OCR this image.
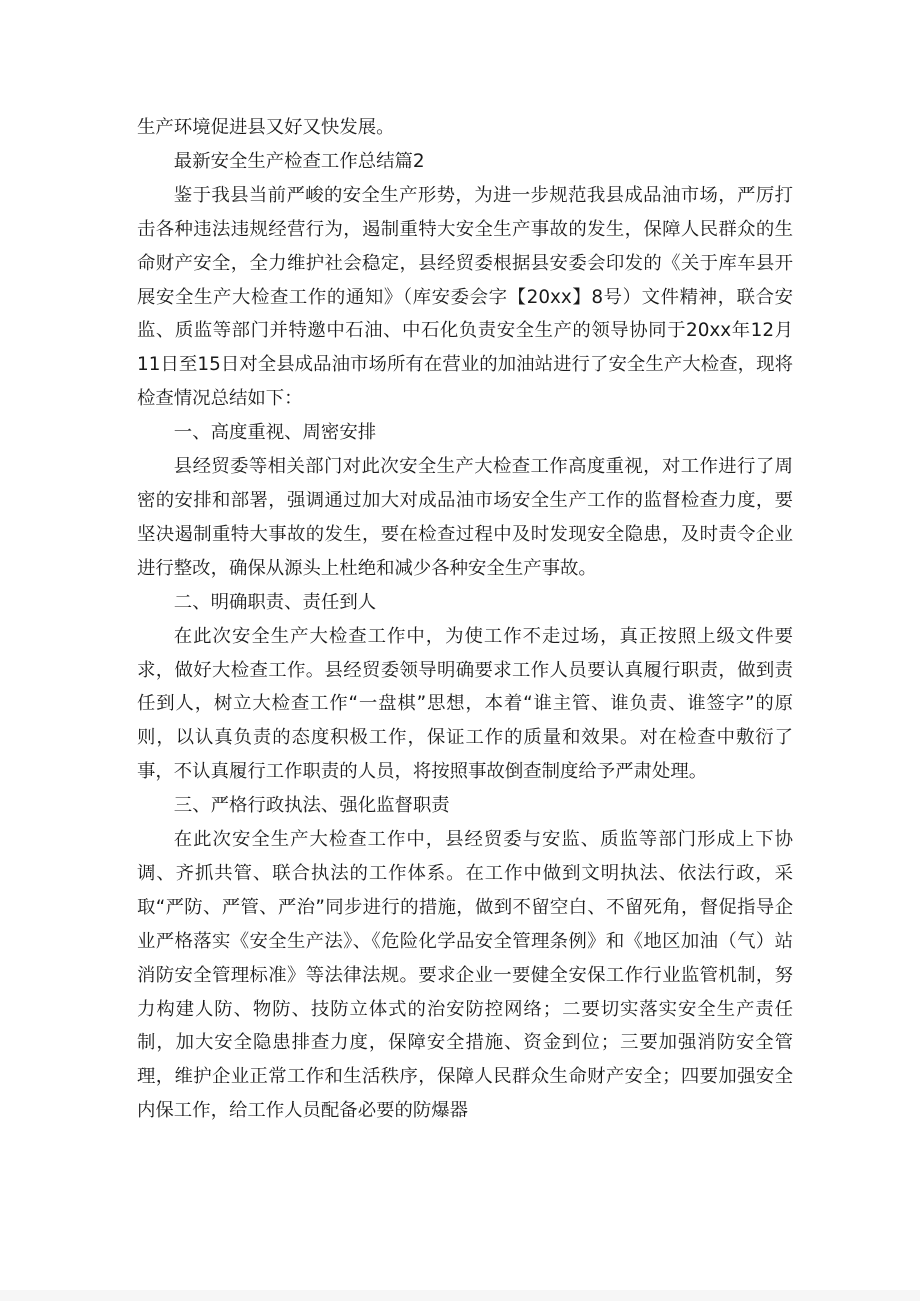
生产环境促进县又好又快发展。

最新安全生产检查工作总结篇2

鉴于我县当前严峻的安全生产形势，为进一步规范我县成品油市场，严厉打击各种违法违规经营行为，遏制重特大安全生产事故的发生，保障人民群众的生命财产安全，全力维护社会稳定，县经贸委根据县安委会印发的《关于库车县开展安全生产大检查工作的通知》（库安委会字【20xx】8号）文件精神，联合安监、质监等部门并特邀中石油、中石化负责安全生产的领导协同于20xx年12月11日至15日对全县成品油市场所有在营业的加油站进行了安全生产大检查，现将检查情况总结如下：

一、高度重视、周密安排

县经贸委等相关部门对此次安全生产大检查工作高度重视，对工作进行了周密的安排和部署，强调通过加大对成品油市场安全生产工作的监督检查力度，要坚决遏制重特大事故的发生，要在检查过程中及时发现安全隐患，及时责令企业进行整改，确保从源头上杜绝和减少各种安全生产事故。

二、明确职责、责任到人

在此次安全生产大检查工作中，为使工作不走过场，真正按照上级文件要求，做好大检查工作。县经贸委领导明确要求工作人员要认真履行职责，做到责任到人，树立大检查工作“一盘棋”思想，本着“谁主管、谁负责、谁签字”的原则，以认真负责的态度积极工作，保证工作的质量和效果。对在检查中敷衍了事，不认真履行工作职责的人员，将按照事故倒查制度给予严肃处理。

三、严格行政执法、强化监督职责

在此次安全生产大检查工作中，县经贸委与安监、质监等部门形成上下协调、齐抓共管、联合执法的工作体系。在工作中做到文明执法、依法行政，采取“严防、严管、严治”同步进行的措施，做到不留空白、不留死角，督促指导企业严格落实《安全生产法》、《危险化学品安全管理条例》和《地区加油（气）站消防安全管理标准》等法律法规。要求企业一要健全安保工作行业监管机制，努力构建人防、物防、技防立体式的治安防控网络；二要切实落实安全生产责任制，加大安全隐患排查力度，保障安全措施、资金到位；三要加强消防安全管理，维护企业正常工作和生活秩序，保障人民群众生命财产安全；四要加强安全内保工作，给工作人员配备必要的防爆器
